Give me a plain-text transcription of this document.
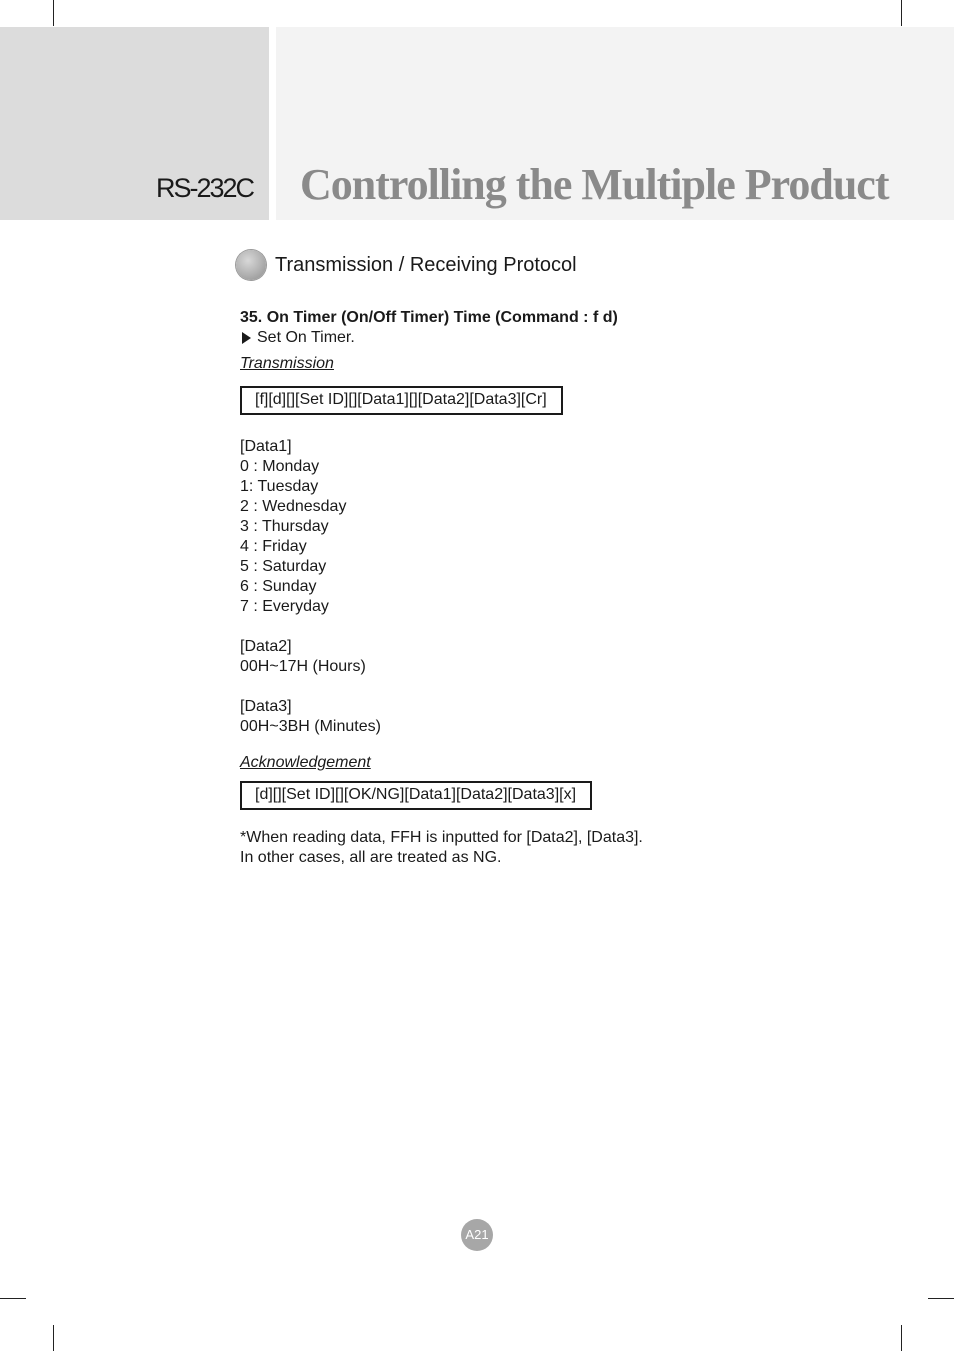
RS-232C Controlling the Multiple Product
Transmission / Receiving Protocol
35. On Timer (On/Off Timer) Time (Command : f d)
Set On Timer.
Transmission
[f][d][][Set ID][][Data1][][Data2][Data3][Cr]
[Data1]
0 : Monday
1: Tuesday
2 : Wednesday
3 : Thursday
4 : Friday
5 : Saturday
6 : Sunday
7 : Everyday
[Data2]
00H~17H (Hours)
[Data3]
00H~3BH (Minutes)
Acknowledgement
[d][][Set ID][][OK/NG][Data1][Data2][Data3][x]
*When reading data, FFH is inputted for [Data2], [Data3].
In other cases, all are treated as NG.
A21
